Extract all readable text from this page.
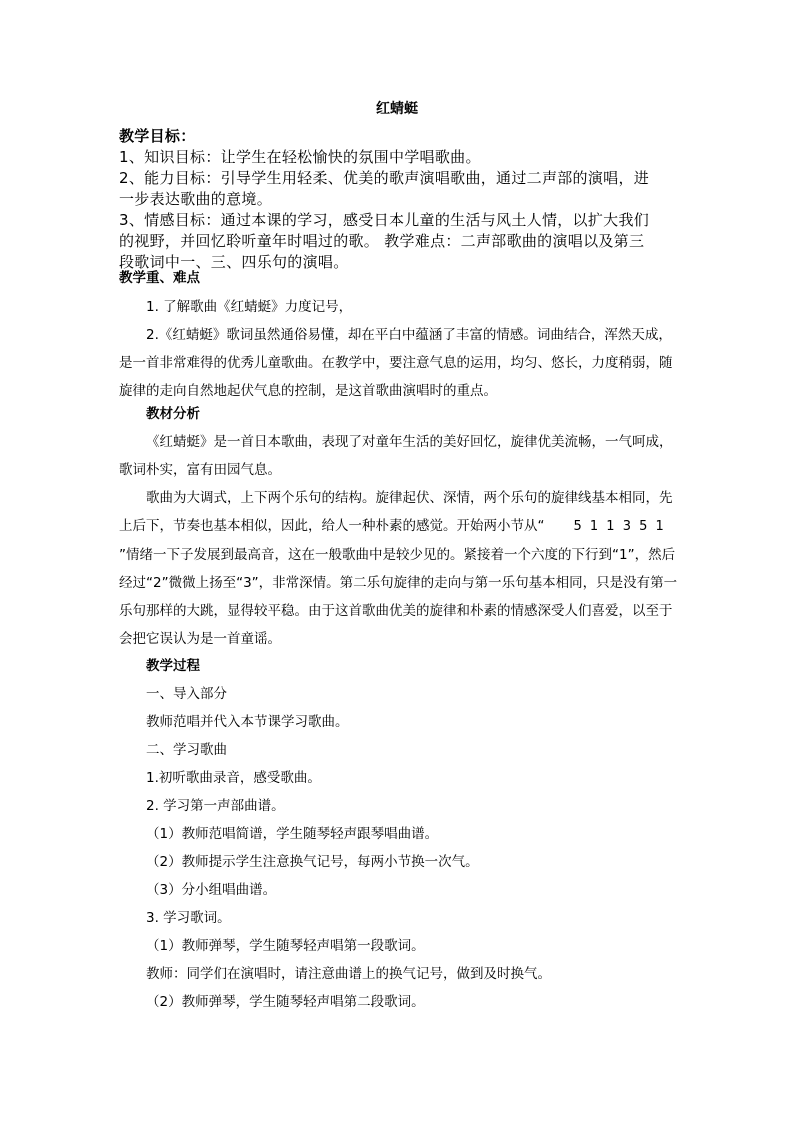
红蜻蜓
教学目标：
1、知识目标：让学生在轻松愉快的氛围中学唱歌曲。
2、能力目标：引导学生用轻柔、优美的歌声演唱歌曲，通过二声部的演唱，进
一步表达歌曲的意境。
3、情感目标：通过本课的学习，感受日本儿童的生活与风土人情，以扩大我们
的视野，并回忆聆听童年时唱过的歌。 教学难点：二声部歌曲的演唱以及第三
段歌词中一、三、四乐句的演唱。

教学重、难点

1. 了解歌曲《红蜻蜓》力度记号，

2.《红蜻蜓》歌词虽然通俗易懂，却在平白中蕴涵了丰富的情感。词曲结合，浑然天成，是一首非常难得的优秀儿童歌曲。在教学中，要注意气息的运用，均匀、悠长，力度稍弱，随旋律的走向自然地起伏气息的控制，是这首歌曲演唱时的重点。

教材分析

《红蜻蜓》是一首日本歌曲，表现了对童年生活的美好回忆，旋律优美流畅，一气呵成，歌词朴实，富有田园气息。

歌曲为大调式，上下两个乐句的结构。旋律起伏、深情，两个乐句的旋律线基本相同，先上后下，节奏也基本相似，因此，给人一种朴素的感觉。开始两小节从“ 5 1 1 3 5 1”情绪一下子发展到最高音，这在一般歌曲中是较少见的。紧接着一个六度的下行到“1”，然后经过“2”微微上扬至“3”，非常深情。第二乐句旋律的走向与第一乐句基本相同，只是没有第一乐句那样的大跳，显得较平稳。由于这首歌曲优美的旋律和朴素的情感深受人们喜爱，以至于会把它误认为是一首童谣。

教学过程

一、导入部分

教师范唱并代入本节课学习歌曲。

二、学习歌曲

1.初听歌曲录音，感受歌曲。

2. 学习第一声部曲谱。

（1）教师范唱简谱，学生随琴轻声跟琴唱曲谱。

（2）教师提示学生注意换气记号，每两小节换一次气。

（3）分小组唱曲谱。

3. 学习歌词。

（1）教师弹琴，学生随琴轻声唱第一段歌词。

教师：同学们在演唱时，请注意曲谱上的换气记号，做到及时换气。

（2）教师弹琴，学生随琴轻声唱第二段歌词。
